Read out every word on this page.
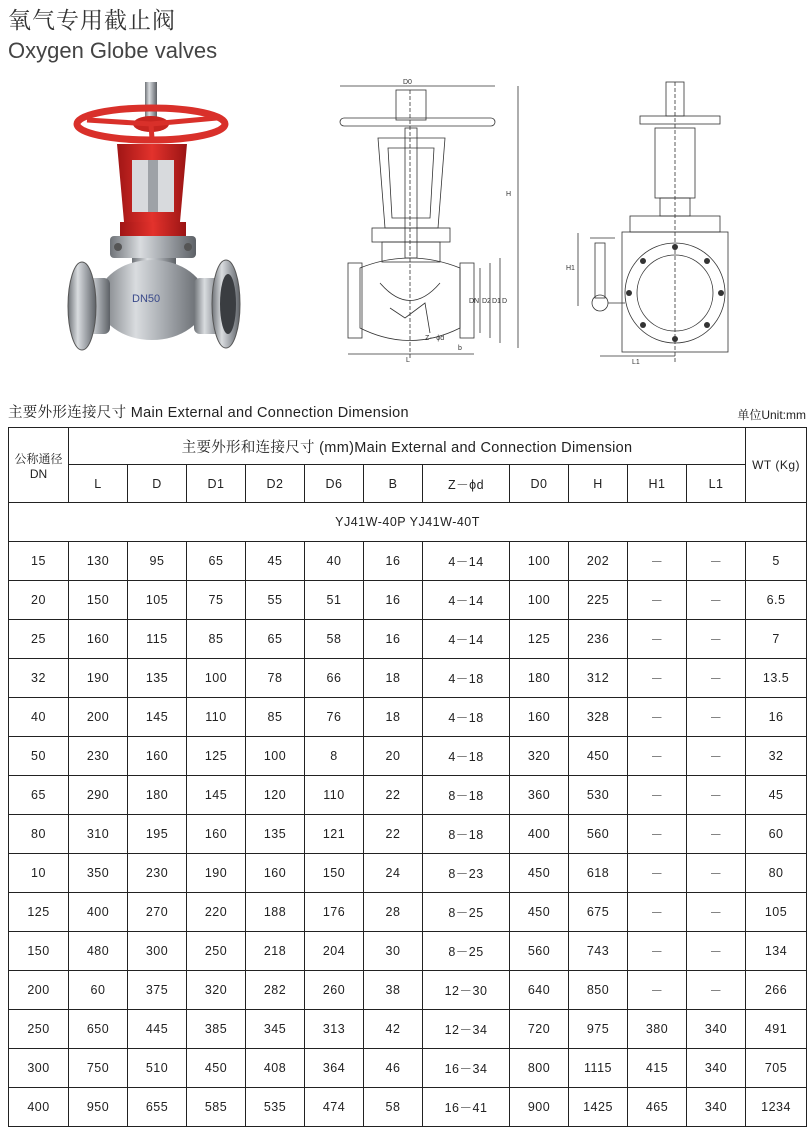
氧气专用截止阀
Oxygen Globe valves
DN50
D0
H
DN D2 D1 D
Z－ϕd
b
L
H1
L1
主要外形连接尺寸 Main External and Connection Dimension	单位Unit:mm
公称通径 DN	主要外形和连接尺寸 (mm)Main External and Connection Dimension											WT (Kg)
	L	D	D1	D2	D6	B	Z－ϕd	D0	H	H1	L1	
YJ41W-40P YJ41W-40T												
15	130	95	65	45	40	16	4－14	100	202	－	－	5
20	150	105	75	55	51	16	4－14	100	225	－	－	6.5
25	160	115	85	65	58	16	4－14	125	236	－	－	7
32	190	135	100	78	66	18	4－18	180	312	－	－	13.5
40	200	145	110	85	76	18	4－18	160	328	－	－	16
50	230	160	125	100	8	20	4－18	320	450	－	－	32
65	290	180	145	120	110	22	8－18	360	530	－	－	45
80	310	195	160	135	121	22	8－18	400	560	－	－	60
10	350	230	190	160	150	24	8－23	450	618	－	－	80
125	400	270	220	188	176	28	8－25	450	675	－	－	105
150	480	300	250	218	204	30	8－25	560	743	－	－	134
200	60	375	320	282	260	38	12－30	640	850	－	－	266
250	650	445	385	345	313	42	12－34	720	975	380	340	491
300	750	510	450	408	364	46	16－34	800	1115	415	340	705
400	950	655	585	535	474	58	16－41	900	1425	465	340	1234
